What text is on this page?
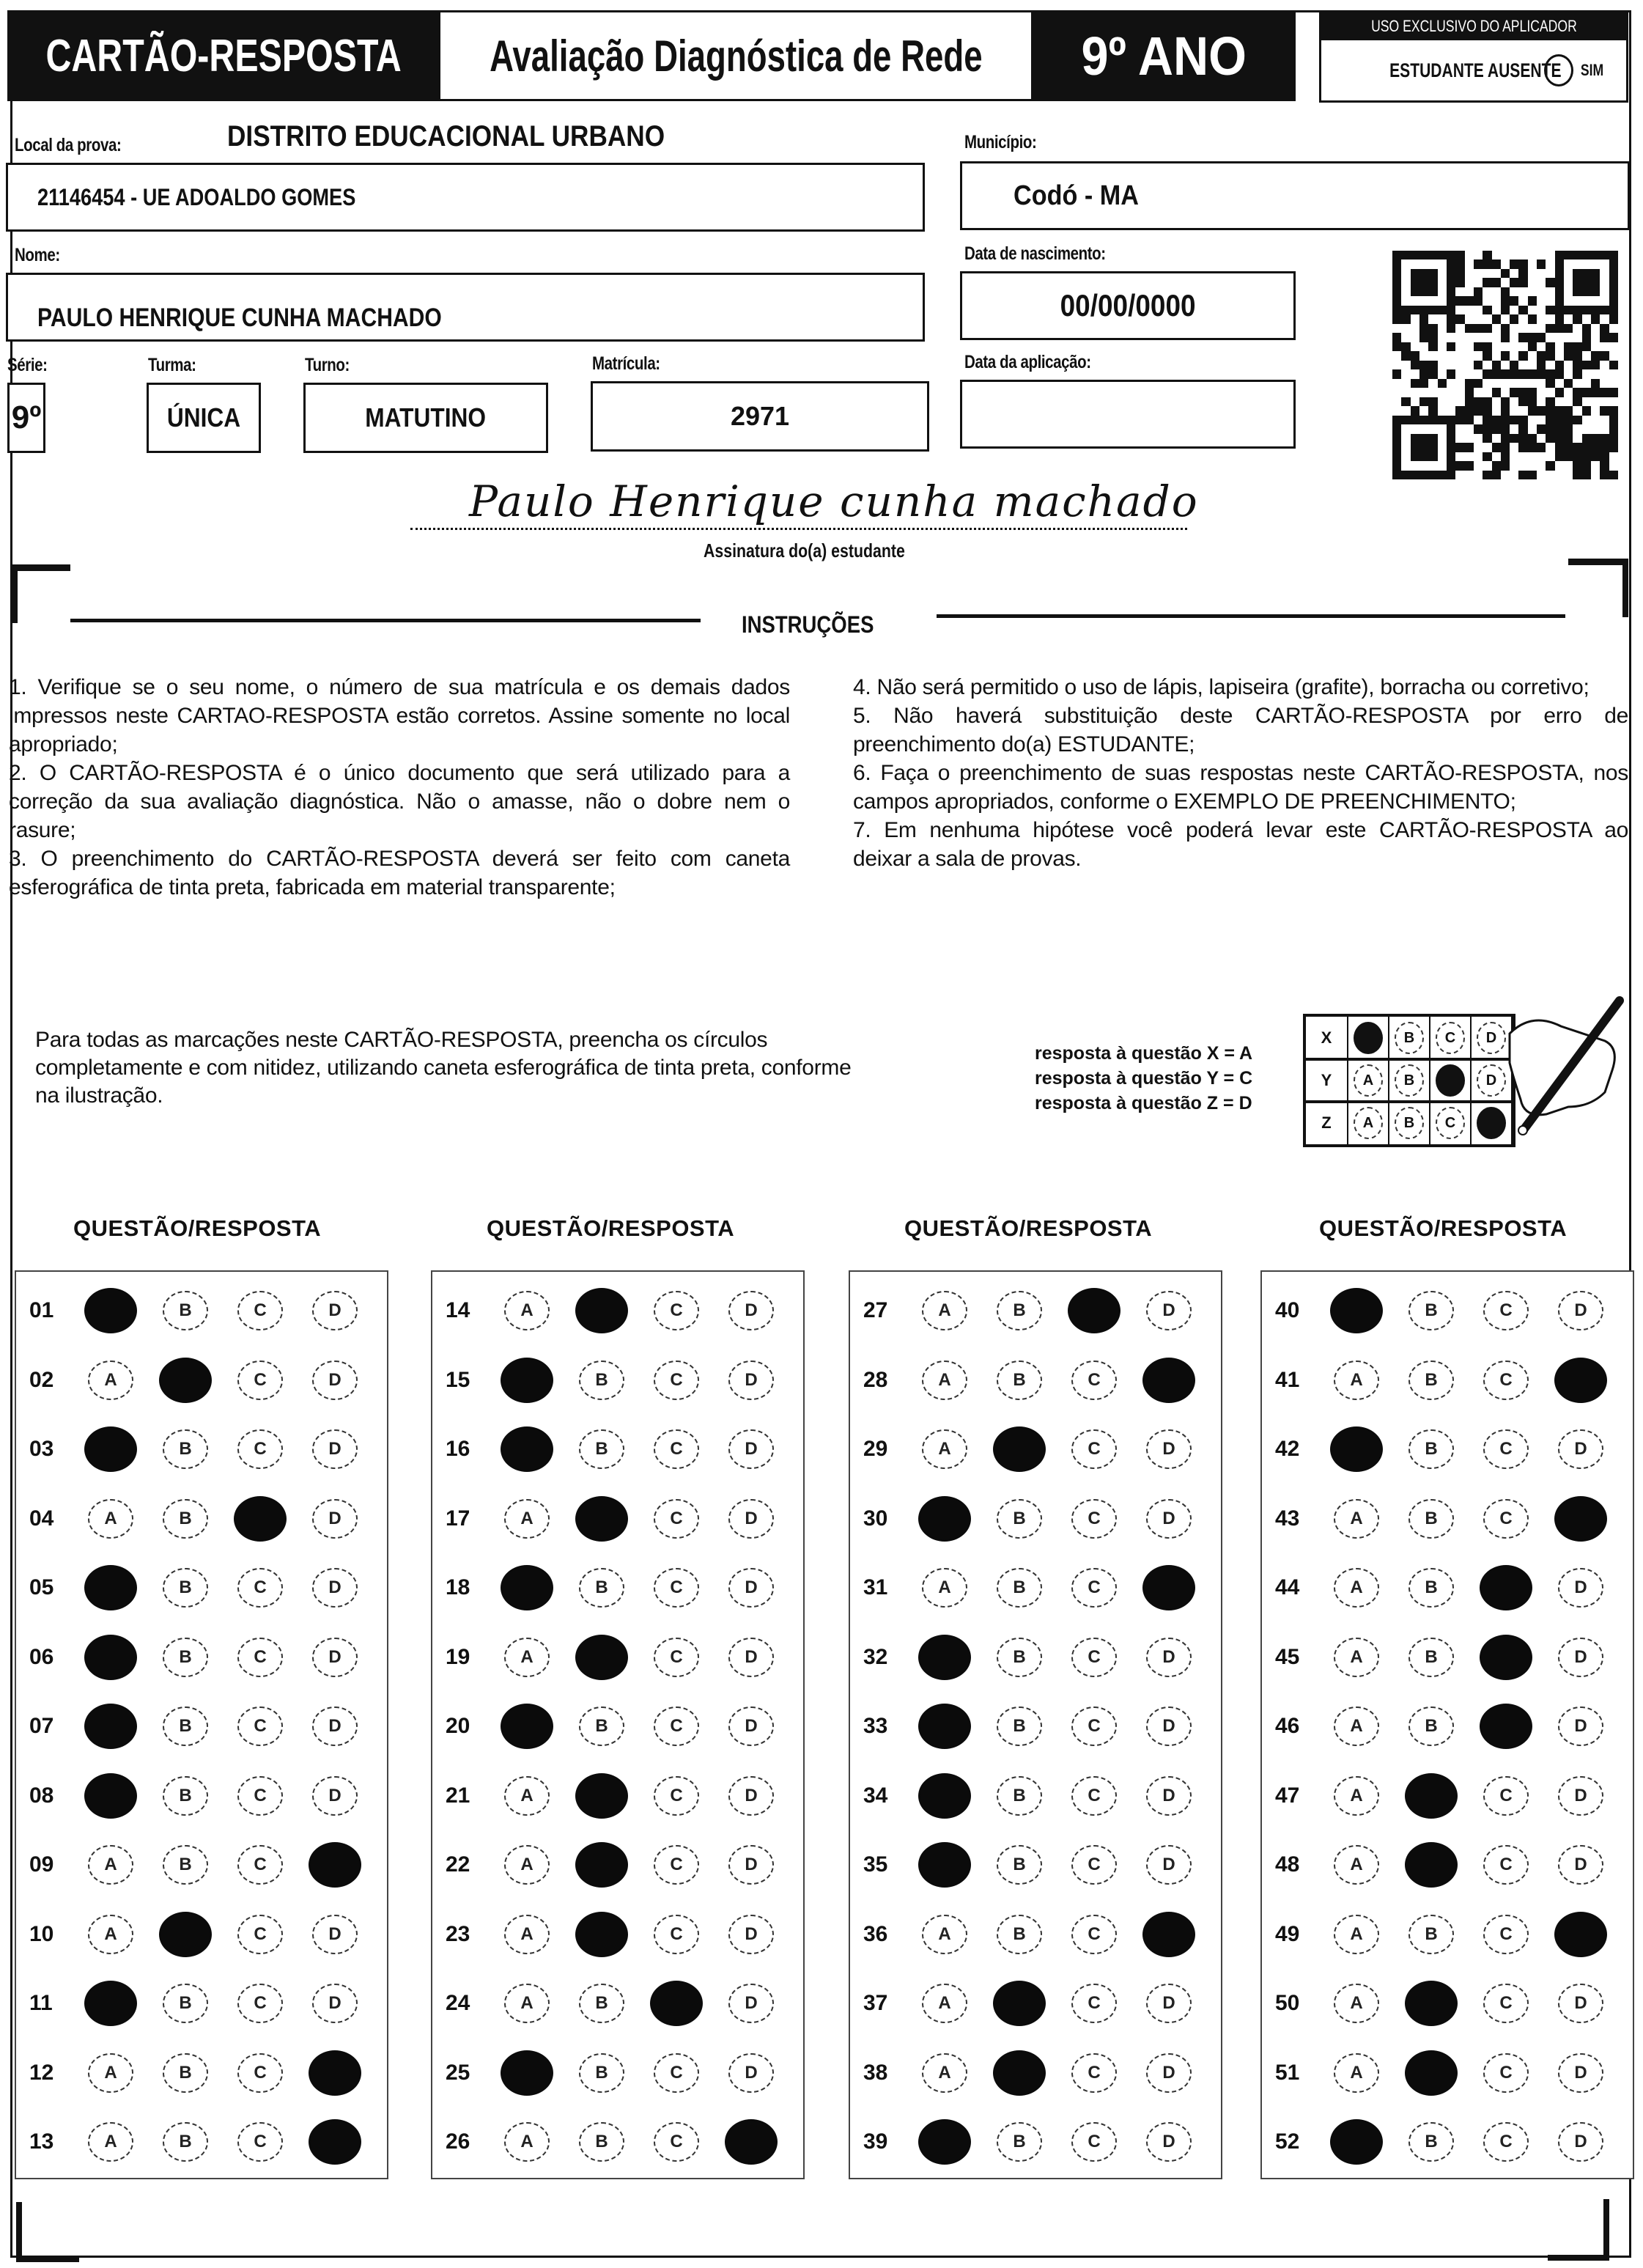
CARTÃO-RESPOSTA Avaliação Diagnóstica de Rede 9º ANO	USO EXCLUSIVO DO APLICADOR
ESTUDANTE AUSENTE SIM
Local da prova:	DISTRITO EDUCACIONAL URBANO
21146454 - UE ADOALDO GOMES
Município:
Codó - MA
Nome:
PAULO HENRIQUE CUNHA MACHADO
Data de nascimento:
00/00/0000
Série:
9º
Turma:
ÚNICA
Turno:
MATUTINO
Matrícula:
2971
Data da aplicação:
Paulo Henrique cunha machado
Assinatura do(a) estudante
INSTRUÇÕES

1. Verifique se o seu nome, o número de sua matrícula e os demais dados impressos neste CARTAO-RESPOSTA estão corretos. Assine somente no local apropriado;

2. O CARTÃO-RESPOSTA é o único documento que será utilizado para a correção da sua avaliação diagnóstica. Não o amasse, não o dobre nem o rasure;

3. O preenchimento do CARTÃO-RESPOSTA deverá ser feito com caneta esferográfica de tinta preta, fabricada em material transparente;

4. Não será permitido o uso de lápis, lapiseira (grafite), borracha ou corretivo;

5. Não haverá substituição deste CARTÃO-RESPOSTA por erro de preenchimento do(a) ESTUDANTE;

6. Faça o preenchimento de suas respostas neste CARTÃO-RESPOSTA, nos campos apropriados, conforme o EXEMPLO DE PREENCHIMENTO;

7. Em nenhuma hipótese você poderá levar este CARTÃO-RESPOSTA ao deixar a sala de provas.

Para todas as marcações neste CARTÃO-RESPOSTA, preencha os círculos completamente e com nitidez, utilizando caneta esferográfica de tinta preta, conforme na ilustração.
resposta à questão X = A
resposta à questão Y = C
resposta à questão Z = D
X	B	C	D
Y	A	B	D
Z	A	B	C
QUESTÃO/RESPOSTA
01	B	C	D
02	A	C	D
03	B	C	D
04	A	B	D
05	B	C	D
06	B	C	D
07	B	C	D
08	B	C	D
09	A	B	C
10	A	C	D
11	B	C	D
12	A	B	C
13	A	B	C
QUESTÃO/RESPOSTA
14	A	C	D
15	B	C	D
16	B	C	D
17	A	C	D
18	B	C	D
19	A	C	D
20	B	C	D
21	A	C	D
22	A	C	D
23	A	C	D
24	A	B	D
25	B	C	D
26	A	B	C
QUESTÃO/RESPOSTA
27	A	B	D
28	A	B	C
29	A	C	D
30	B	C	D
31	A	B	C
32	B	C	D
33	B	C	D
34	B	C	D
35	B	C	D
36	A	B	C
37	A	C	D
38	A	C	D
39	B	C	D
QUESTÃO/RESPOSTA
40	B	C	D
41	A	B	C
42	B	C	D
43	A	B	C
44	A	B	D
45	A	B	D
46	A	B	D
47	A	C	D
48	A	C	D
49	A	B	C
50	A	C	D
51	A	C	D
52	B	C	D
